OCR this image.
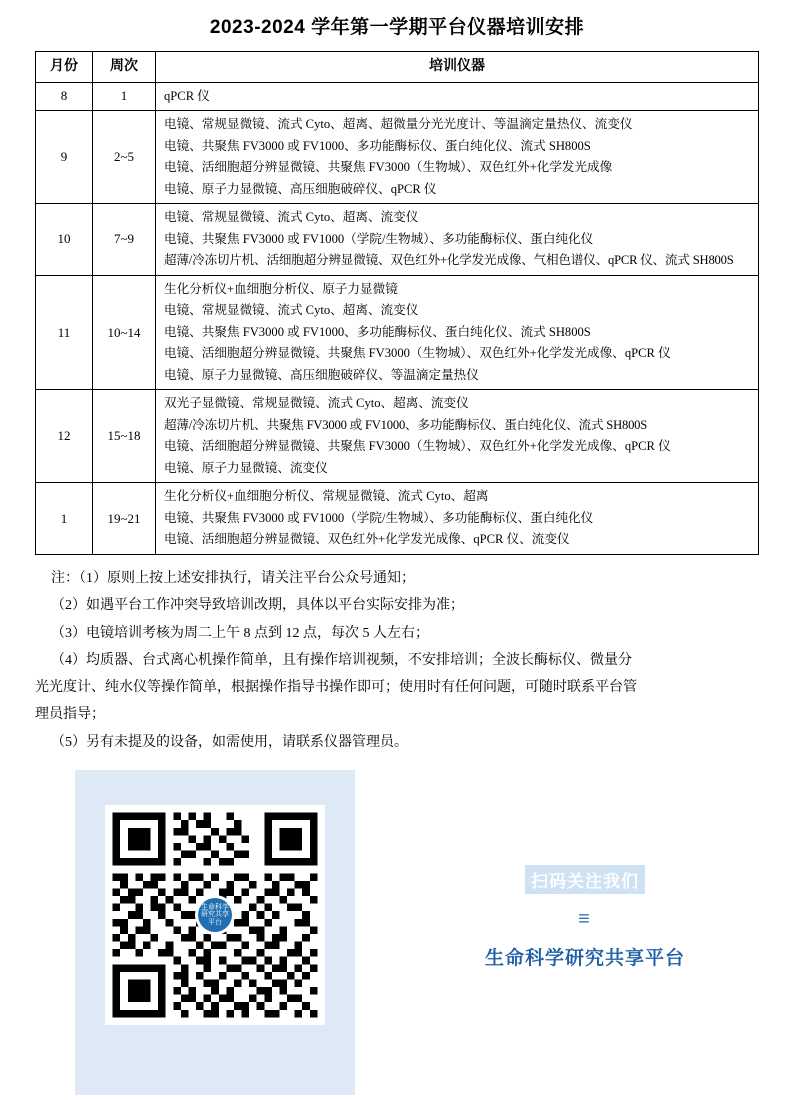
2023-2024 学年第一学期平台仪器培训安排
月份	周次	培训仪器
8	1	qPCR 仪

9	2~5	电镜、常规显微镜、流式 Cyto、超离、超微量分光光度计、等温滴定量热仪、流变仪
电镜、共聚焦 FV3000 或 FV1000、多功能酶标仪、蛋白纯化仪、流式 SH800S
电镜、活细胞超分辨显微镜、共聚焦 FV3000（生物城）、双色红外+化学发光成像
电镜、原子力显微镜、高压细胞破碎仪、qPCR 仪

10	7~9	电镜、常规显微镜、流式 Cyto、超离、流变仪
电镜、共聚焦 FV3000 或 FV1000（学院/生物城）、多功能酶标仪、蛋白纯化仪
超薄/冷冻切片机、活细胞超分辨显微镜、双色红外+化学发光成像、气相色谱仪、qPCR 仪、流式 SH800S

11	10~14	生化分析仪+血细胞分析仪、原子力显微镜
电镜、常规显微镜、流式 Cyto、超离、流变仪
电镜、共聚焦 FV3000 或 FV1000、多功能酶标仪、蛋白纯化仪、流式 SH800S
电镜、活细胞超分辨显微镜、共聚焦 FV3000（生物城）、双色红外+化学发光成像、qPCR 仪
电镜、原子力显微镜、高压细胞破碎仪、等温滴定量热仪

12	15~18	双光子显微镜、常规显微镜、流式 Cyto、超离、流变仪
超薄/冷冻切片机、共聚焦 FV3000 或 FV1000、多功能酶标仪、蛋白纯化仪、流式 SH800S
电镜、活细胞超分辨显微镜、共聚焦 FV3000（生物城）、双色红外+化学发光成像、qPCR 仪
电镜、原子力显微镜、流变仪

1	19~21	生化分析仪+血细胞分析仪、常规显微镜、流式 Cyto、超离
电镜、共聚焦 FV3000 或 FV1000（学院/生物城）、多功能酶标仪、蛋白纯化仪
电镜、活细胞超分辨显微镜、双色红外+化学发光成像、qPCR 仪、流变仪
注：（1）原则上按上述安排执行，请关注平台公众号通知；
（2）如遇平台工作冲突导致培训改期，具体以平台实际安排为准；
（3）电镜培训考核为周二上午 8 点到 12 点，每次 5 人左右；
（4）均质器、台式离心机操作简单，且有操作培训视频，不安排培训；全波长酶标仪、微量分
光光度计、纯水仪等操作简单，根据操作指导书操作即可；使用时有任何问题，可随时联系平台管
理员指导；
（5）另有未提及的设备，如需使用，请联系仪器管理员。
生命科学研究共享平台
扫码关注我们
≡
生命科学研究共享平台
